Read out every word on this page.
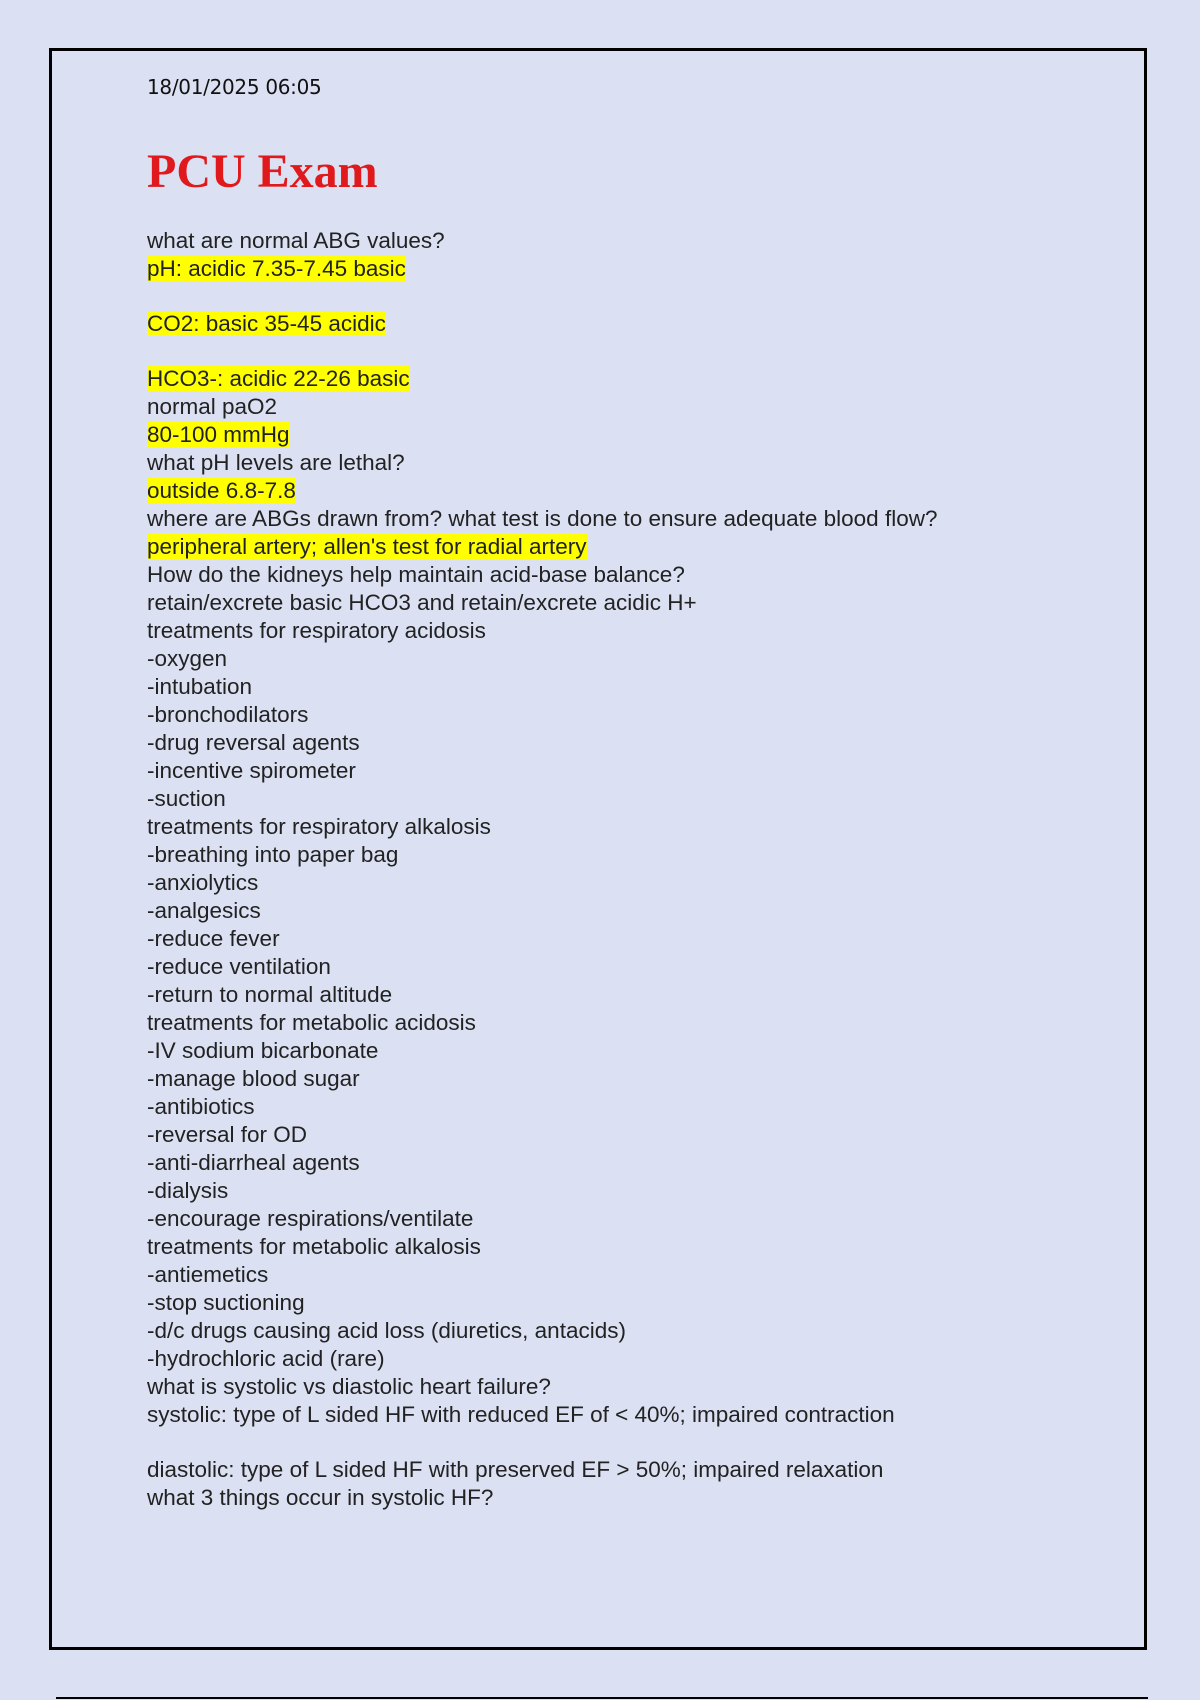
18/01/2025 06:05
PCU Exam
what are normal ABG values?
pH: acidic 7.35-7.45 basic
CO2: basic 35-45 acidic
HCO3-: acidic 22-26 basic
normal paO2
80-100 mmHg
what pH levels are lethal?
outside 6.8-7.8
where are ABGs drawn from? what test is done to ensure adequate blood flow?
peripheral artery; allen's test for radial artery
How do the kidneys help maintain acid-base balance?
retain/excrete basic HCO3 and retain/excrete acidic H+
treatments for respiratory acidosis
-oxygen
-intubation
-bronchodilators
-drug reversal agents
-incentive spirometer
-suction
treatments for respiratory alkalosis
-breathing into paper bag
-anxiolytics
-analgesics
-reduce fever
-reduce ventilation
-return to normal altitude
treatments for metabolic acidosis
-IV sodium bicarbonate
-manage blood sugar
-antibiotics
-reversal for OD
-anti-diarrheal agents
-dialysis
-encourage respirations/ventilate
treatments for metabolic alkalosis
-antiemetics
-stop suctioning
-d/c drugs causing acid loss (diuretics, antacids)
-hydrochloric acid (rare)
what is systolic vs diastolic heart failure?
systolic: type of L sided HF with reduced EF of < 40%; impaired contraction
diastolic: type of L sided HF with preserved EF > 50%; impaired relaxation
what 3 things occur in systolic HF?
